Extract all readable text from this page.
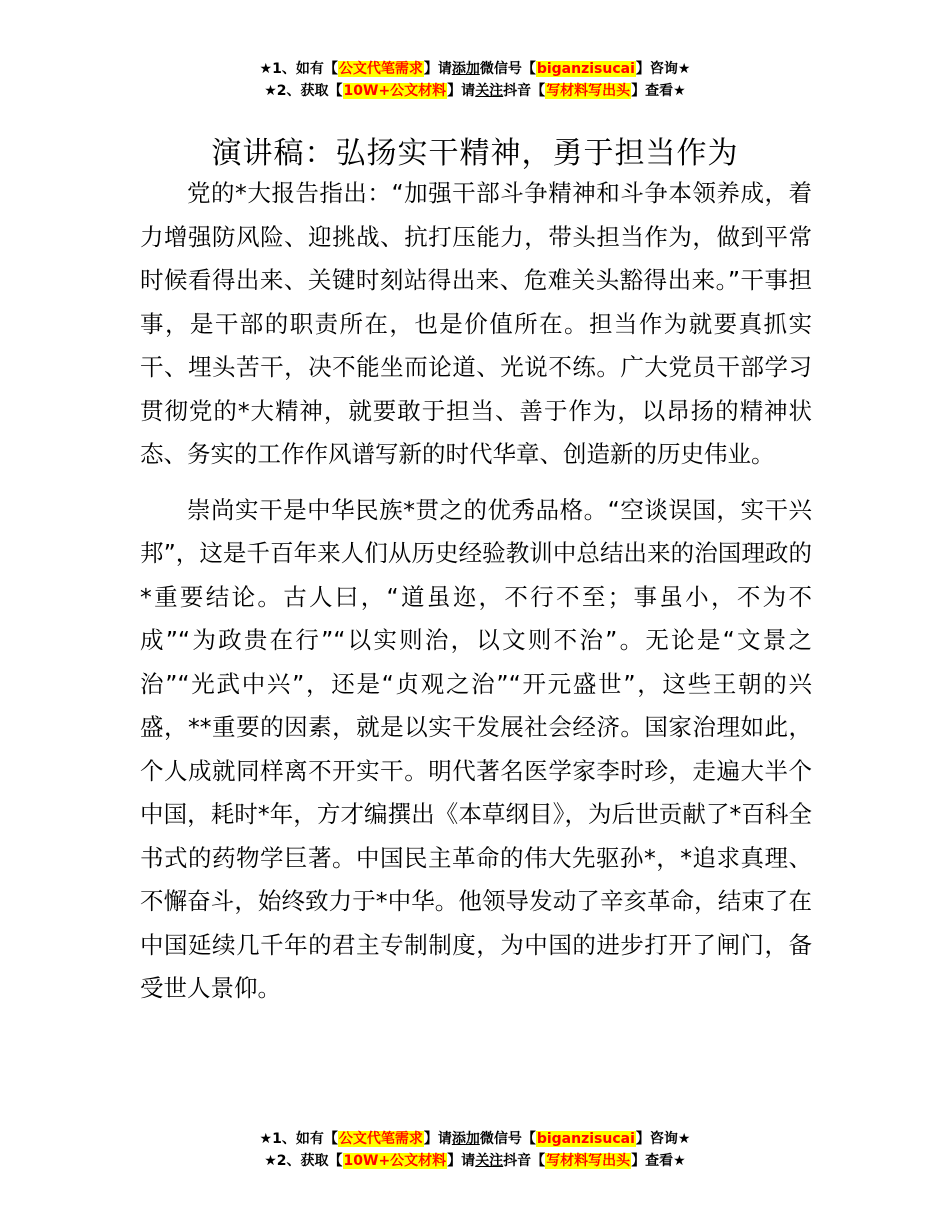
★1、如有【公文代笔需求】请添加微信号【biganzisucai】咨询★
★2、获取【10W+公文材料】请关注抖音【写材料写出头】查看★
演讲稿：弘扬实干精神，勇于担当作为

党的*大报告指出：“加强干部斗争精神和斗争本领养成，着力增强防风险、迎挑战、抗打压能力，带头担当作为，做到平常时候看得出来、关键时刻站得出来、危难关头豁得出来。”干事担事，是干部的职责所在，也是价值所在。担当作为就要真抓实干、埋头苦干，决不能坐而论道、光说不练。广大党员干部学习贯彻党的*大精神，就要敢于担当、善于作为，以昂扬的精神状态、务实的工作作风谱写新的时代华章、创造新的历史伟业。

崇尚实干是中华民族*贯之的优秀品格。“空谈误国，实干兴邦”，这是千百年来人们从历史经验教训中总结出来的治国理政的*重要结论。古人曰，“道虽迩，不行不至；事虽小，不为不成”“为政贵在行”“以实则治，以文则不治”。无论是“文景之治”“光武中兴”，还是“贞观之治”“开元盛世”，这些王朝的兴盛，**重要的因素，就是以实干发展社会经济。国家治理如此，个人成就同样离不开实干。明代著名医学家李时珍，走遍大半个中国，耗时*年，方才编撰出《本草纲目》，为后世贡献了*百科全书式的药物学巨著。中国民主革命的伟大先驱孙*，*追求真理、不懈奋斗，始终致力于*中华。他领导发动了辛亥革命，结束了在中国延续几千年的君主专制制度，为中国的进步打开了闸门，备受世人景仰。

★1、如有【公文代笔需求】请添加微信号【biganzisucai】咨询★
★2、获取【10W+公文材料】请关注抖音【写材料写出头】查看★
